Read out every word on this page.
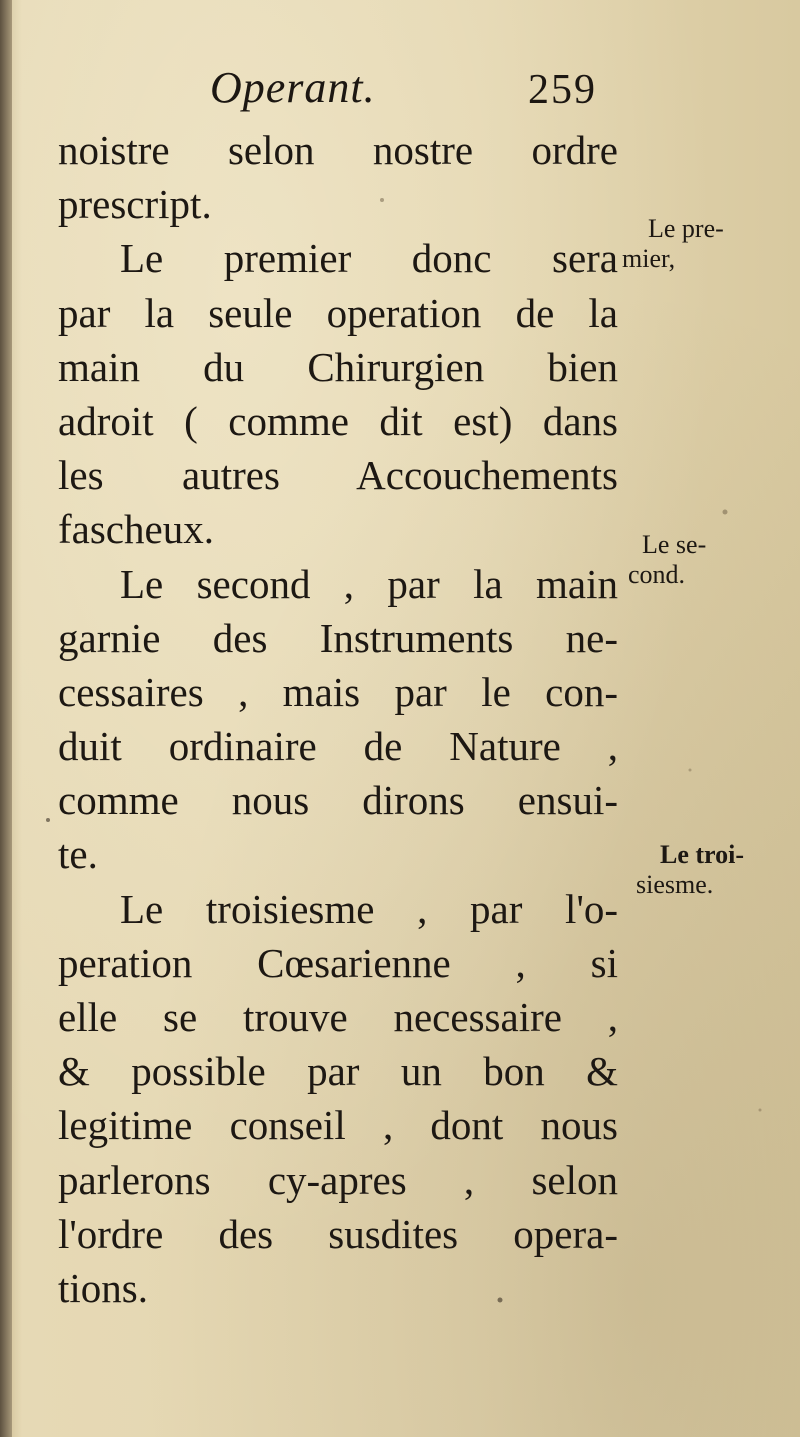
Operant.	259
noistre selon nostre ordre
prescript.
Le premier donc sera
par la seule operation de la
main du Chirurgien bien
adroit ( comme dit est) dans
les autres Accouchements
fascheux.
Le second , par la main
garnie des Instruments ne-
cessaires , mais par le con-
duit ordinaire de Nature ,
comme nous dirons ensui-
te.
Le troisiesme , par l'o-
peration Cœsarienne , si
elle se trouve necessaire ,
& possible par un bon &
legitime conseil , dont nous
parlerons cy-apres , selon
l'ordre des susdites opera-
tions.
Le pre-
mier,
Le se-
cond.
Le troi-
siesme.
